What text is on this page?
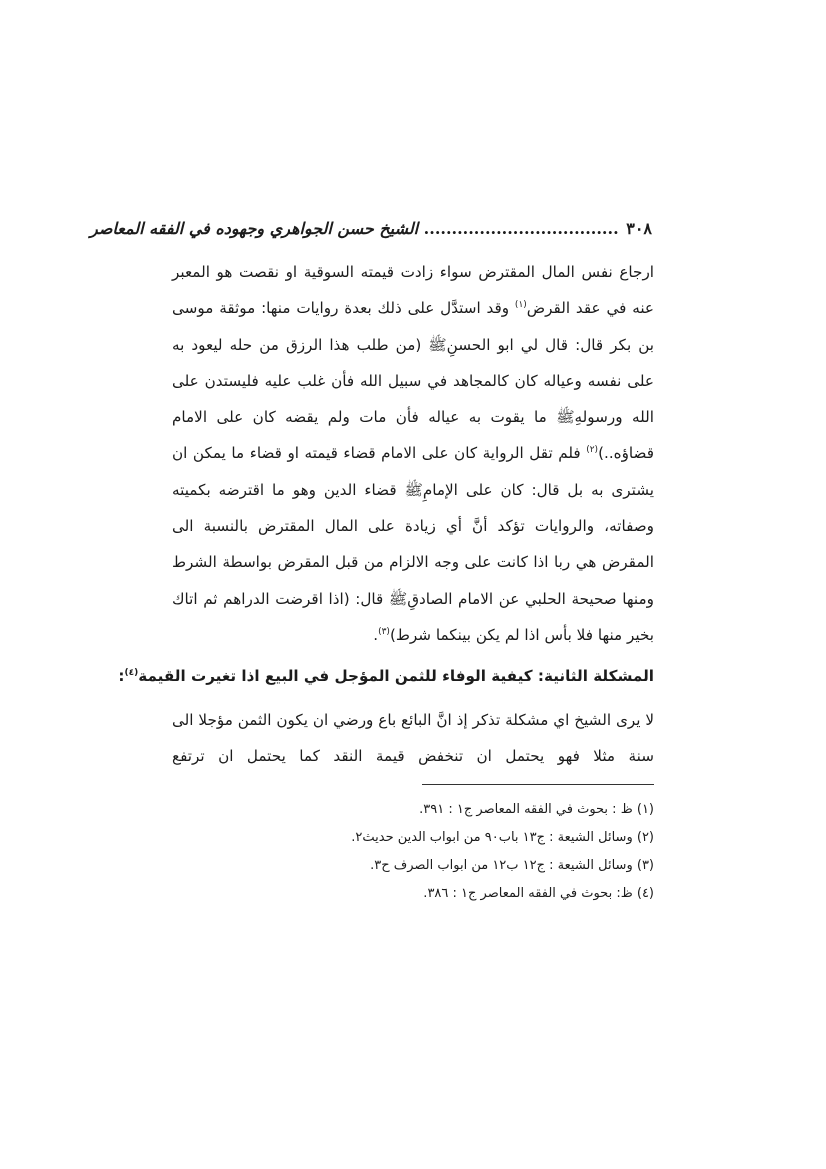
٣٠٨ ................................... الشيخ حسن الجواهري وجهوده في الفقه المعاصر

ارجاع نفس المال المقترض سواء زادت قيمته السوقية او نقصت هو المعبر عنه في عقد القرض$^{(١)}$ وقد استدَّل على ذلك بعدة روايات منها: موثقة موسى بن بكر قال: قال لي ابو الحسنِﷺ (من طلب هذا الرزق من حله ليعود به على نفسه وعياله كان كالمجاهد في سبيل الله فأن غلب عليه فليستدن على الله ورسولهِﷺ ما يقوت به عياله فأن مات ولم يقضه كان على الامام قضاؤه..)$^{(٢)}$ فلم تقل الرواية كان على الامام قضاء قيمته او قضاء ما يمكن ان يشترى به بل قال: كان على الإمامِﷺ قضاء الدين وهو ما اقترضه بكميته وصفاته، والروايات تؤكد أنَّ أي زيادة على المال المقترض بالنسبة الى المقرض هي ربا اذا كانت على وجه الالزام من قبل المقرض بواسطة الشرط ومنها صحيحة الحلبي عن الامام الصادقِﷺ قال: (اذا اقرضت الدراهم ثم اتاك بخير منها فلا بأس اذا لم يكن بينكما شرط)$^{(٣)}$.

المشكلة الثانية: كيفية الوفاء للثمن المؤجل في البيع اذا تغيرت القيمة$^{(٤)}$:

لا يرى الشيخ اي مشكلة تذكر إذ انَّ البائع باع ورضي ان يكون الثمن مؤجلا الى سنة مثلا فهو يحتمل ان تنخفض قيمة النقد كما يحتمل ان ترتفع

(١) ظ : بحوث في الفقه المعاصر ج١ : ٣٩١.
(٢) وسائل الشيعة : ج١٣ باب٩٠ من ابواب الدين حديث٢.
(٣) وسائل الشيعة : ج١٢ ب١٢ من ابواب الصرف ح٣.
(٤) ظ: بحوث في الفقه المعاصر ج١ : ٣٨٦.
